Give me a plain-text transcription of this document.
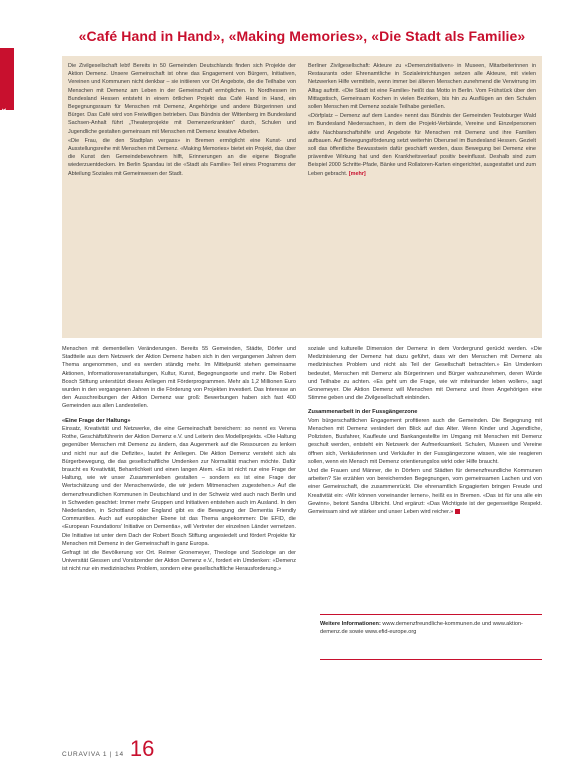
Rubrik
«Café Hand in Hand», «Making Memories», «Die Stadt als Familie»

Die Zivilgesellschaft lebt! Bereits in 50 Gemeinden Deutschlands finden sich Projekte der Aktion Demenz. Unsere Gemeinschaft ist ohne das Engagement von Bürgern, Initiativen, Vereinen und Kommunen nicht denkbar – sie initiieren vor Ort Angebote, die die Teilhabe von Menschen mit Demenz am Leben in der Gemeinschaft ermöglichen. In Nordhessen im Bundesland Hessen entsteht in einem örtlichen Projekt das Café Hand in Hand, ein Begegnungsraum für Menschen mit Demenz, Angehörige und andere Bürgerinnen und Bürger. Das Café wird von Freiwilligen betrieben. Das Bündnis der Wittenberg im Bundesland Sachsen-Anhalt führt „Theaterprojekte mit Demenzerkrankten“ durch, Schulen und Jugendliche gestalten gemeinsam mit Menschen mit Demenz kreative Arbeiten.

«Die Frau, die den Stadtplan vergass» in Bremen ermöglicht eine Kunst- und Ausstellungsreihe mit Menschen mit Demenz. «Making Memories» bietet ein Projekt, das über die Kunst den Gemeindebewohnern hilft, Erinnerungen an die eigene Biografie wiederzuentdecken. Im Berlin Spandau ist die «Stadt als Familie» Teil eines Programms der Abteilung Soziales mit Gemeinwesen der Stadt.

Berliner Zivilgesellschaft: Akteure zu «Demenzinitiativen» in Museen, Mitarbeiterinnen in Restaurants oder Ehrenamtliche in Sozialeinrichtungen setzen alle Akteure, mit vielen Netzwerken Hilfe vermitteln, wenn immer bei älteren Menschen zunehmend die Verwirrung im Alltag auftritt. «Die Stadt ist eine Familie» heißt das Motto in Berlin. Vom Frühstück über den Mittagstisch, Gemeinsam Kochen in vielen Bezirken, bis hin zu Ausflügen an den Schulen sollen Menschen mit Demenz soziale Teilhabe genießen.

«Dörfplatz – Demenz auf dem Lande» nennt das Bündnis der Gemeinden Teutoburger Wald im Bundesland Niedersachsen, in dem die Projekt-Verbände, Vereine und Einzelpersonen aktiv Nachbarschaftshilfe und Angebote für Menschen mit Demenz und ihre Familien aufbauen. Auf Bewegungsförderung setzt weiterhin Oberursel im Bundesland Hessen. Gezielt soll das öffentliche Bewusstsein dafür geschärft werden, dass Bewegung bei Demenz eine präventive Wirkung hat und den Krankheitsverlauf positiv beeinflusst. Deshalb sind zum Beispiel 2000 Schritte-Pfade, Bänke und Rollatoren-Karten eingerichtet, ausgestattet und zum Leben gebracht. [mehr]

Menschen mit dementiellen Veränderungen. Bereits 55 Gemeinden, Städte, Dörfer und Stadtteile aus dem Netzwerk der Aktion Demenz haben sich in den vergangenen Jahren dem Thema angenommen, und es werden ständig mehr. Im Mittelpunkt stehen gemeinsame Aktionen, Informationsveranstaltungen, Kultur, Kunst, Begegnungsorte und mehr. Die Robert Bosch Stiftung unterstützt dieses Anliegen mit Förderprogrammen. Mehr als 1,2 Millionen Euro wurden in den vergangenen Jahren in die Förderung von Projekten investiert. Das Interesse an den Ausschreibungen der Aktion Demenz war groß: Bewerbungen haben sich fast 400 Gemeinden aus allen Landesteilen.

«Eine Frage der Haltung»

Einsatz, Kreativität und Netzwerke, die eine Gemeinschaft bereichern: so nennt es Verena Rothe, Geschäftsführerin der Aktion Demenz e.V. und Leiterin des Modellprojekts. «Die Haltung gegenüber Menschen mit Demenz zu ändern, das Augenmerk auf die Ressourcen zu lenken und nicht nur auf die Defizite», lautet ihr Anliegen. Die Aktion Demenz versteht sich als Bürgerbewegung, die das gesellschaftliche Umdenken zur Normalität machen möchte. Dafür braucht es Kreativität, Beharrlichkeit und einen langen Atem. «Es ist nicht nur eine Frage der Haltung, wie wir unser Zusammenleben gestalten – sondern es ist eine Frage der Wertschätzung und der Menschenwürde, die wir jedem Mitmenschen zugestehen.» Auf die demenzfreundlichen Kommunen in Deutschland und in der Schweiz wird auch nach Berlin und in Schweden geachtet: Immer mehr Gruppen und Initiativen entstehen auch im Ausland. In den Niederlanden, in Schottland oder England gibt es die Bewegung der Dementia Friendly Communities. Auch auf europäischer Ebene ist das Thema angekommen: Die EFID, die «European Foundations' Initiative on Dementia», will Vertreter der einzelnen Länder vernetzen. Die Initiative ist unter dem Dach der Robert Bosch Stiftung angesiedelt und fördert Projekte für Menschen mit Demenz in der Gemeinschaft in ganz Europa.

Gefragt ist die Bevölkerung vor Ort. Reimer Gronemeyer, Theologe und Soziologe an der Universität Giessen und Vorsitzender der Aktion Demenz e.V., fordert ein Umdenken: «Demenz ist nicht nur ein medizinisches Problem, sondern eine gesellschaftliche Herausforderung.»

soziale und kulturelle Dimension der Demenz in dem Vordergrund gerückt werden. «Die Medizinisierung der Demenz hat dazu geführt, dass wir den Menschen mit Demenz als medizinisches Problem und nicht als Teil der Gesellschaft betrachten.» Ein Umdenken bedeutet, Menschen mit Demenz als Bürgerinnen und Bürger wahrzunehmen, deren Würde und Teilhabe zu achten. «Es geht um die Frage, wie wir miteinander leben wollen», sagt Gronemeyer. Die Aktion Demenz will Menschen mit Demenz und ihren Angehörigen eine Stimme geben und die Zivilgesellschaft einbinden.

Zusammenarbeit in der Fussgängerzone

Vom bürgerschaftlichen Engagement profitieren auch die Gemeinden. Die Begegnung mit Menschen mit Demenz verändert den Blick auf das Alter. Wenn Kinder und Jugendliche, Polizisten, Busfahrer, Kaufleute und Bankangestellte im Umgang mit Menschen mit Demenz geschult werden, entsteht ein Netzwerk der Aufmerksamkeit. Schulen, Museen und Vereine öffnen sich, Verkäuferinnen und Verkäufer in der Fussgängerzone wissen, wie sie reagieren sollen, wenn ein Mensch mit Demenz orientierungslos wirkt oder Hilfe braucht.

Und die Frauen und Männer, die in Dörfern und Städten für demenzfreundliche Kommunen arbeiten? Sie erzählen von bereichernden Begegnungen, vom gemeinsamen Lachen und von einer Gemeinschaft, die zusammenrückt. Die ehrenamtlich Engagierten bringen Freude und Kreativität ein: «Wir können voneinander lernen», heißt es in Bremen. «Das ist für uns alle ein Gewinn», betont Sandra Ulbricht. Und ergänzt: «Das Wichtigste ist der gegenseitige Respekt. Gemeinsam sind wir stärker und unser Leben wird reicher.»

Weitere Informationen: www.demenzfreundliche-kommunen.de und www.aktion-demenz.de sowie www.efid-europe.org

CURAVIVA 1 | 14 16
